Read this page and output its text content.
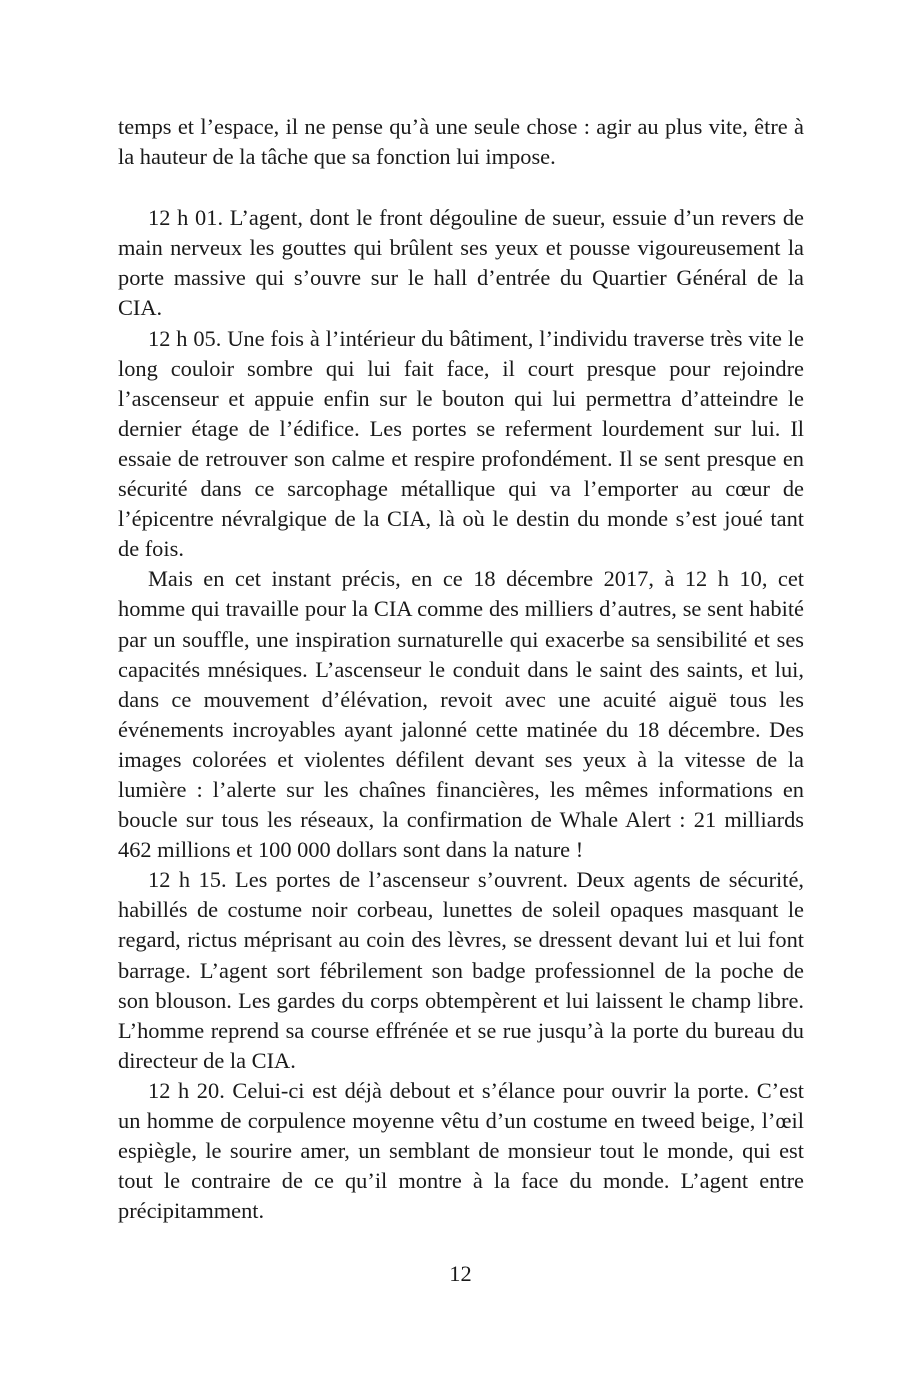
temps et l’espace, il ne pense qu’à une seule chose : agir au plus vite, être à la hauteur de la tâche que sa fonction lui impose.

12 h 01. L’agent, dont le front dégouline de sueur, essuie d’un revers de main nerveux les gouttes qui brûlent ses yeux et pousse vigoureusement la porte massive qui s’ouvre sur le hall d’entrée du Quartier Général de la CIA.

12 h 05. Une fois à l’intérieur du bâtiment, l’individu traverse très vite le long couloir sombre qui lui fait face, il court presque pour rejoindre l’ascenseur et appuie enfin sur le bouton qui lui permettra d’atteindre le dernier étage de l’édifice. Les portes se referment lourdement sur lui. Il essaie de retrouver son calme et respire profondément. Il se sent presque en sécurité dans ce sarcophage métallique qui va l’emporter au cœur de l’épicentre névralgique de la CIA, là où le destin du monde s’est joué tant de fois.

Mais en cet instant précis, en ce 18 décembre 2017, à 12 h 10, cet homme qui travaille pour la CIA comme des milliers d’autres, se sent habité par un souffle, une inspiration surnaturelle qui exacerbe sa sensibilité et ses capacités mnésiques. L’ascenseur le conduit dans le saint des saints, et lui, dans ce mouvement d’élévation, revoit avec une acuité aiguë tous les événements incroyables ayant jalonné cette matinée du 18 décembre. Des images colorées et violentes défilent devant ses yeux à la vitesse de la lumière : l’alerte sur les chaînes financières, les mêmes informations en boucle sur tous les réseaux, la confirmation de Whale Alert : 21 milliards 462 millions et 100 000 dollars sont dans la nature !

12 h 15. Les portes de l’ascenseur s’ouvrent. Deux agents de sécurité, habillés de costume noir corbeau, lunettes de soleil opaques masquant le regard, rictus méprisant au coin des lèvres, se dressent devant lui et lui font barrage. L’agent sort fébrilement son badge professionnel de la poche de son blouson. Les gardes du corps obtempèrent et lui laissent le champ libre. L’homme reprend sa course effrénée et se rue jusqu’à la porte du bureau du directeur de la CIA.

12 h 20. Celui-ci est déjà debout et s’élance pour ouvrir la porte. C’est un homme de corpulence moyenne vêtu d’un costume en tweed beige, l’œil espiègle, le sourire amer, un semblant de monsieur tout le monde, qui est tout le contraire de ce qu’il montre à la face du monde. L’agent entre précipitamment.

12
